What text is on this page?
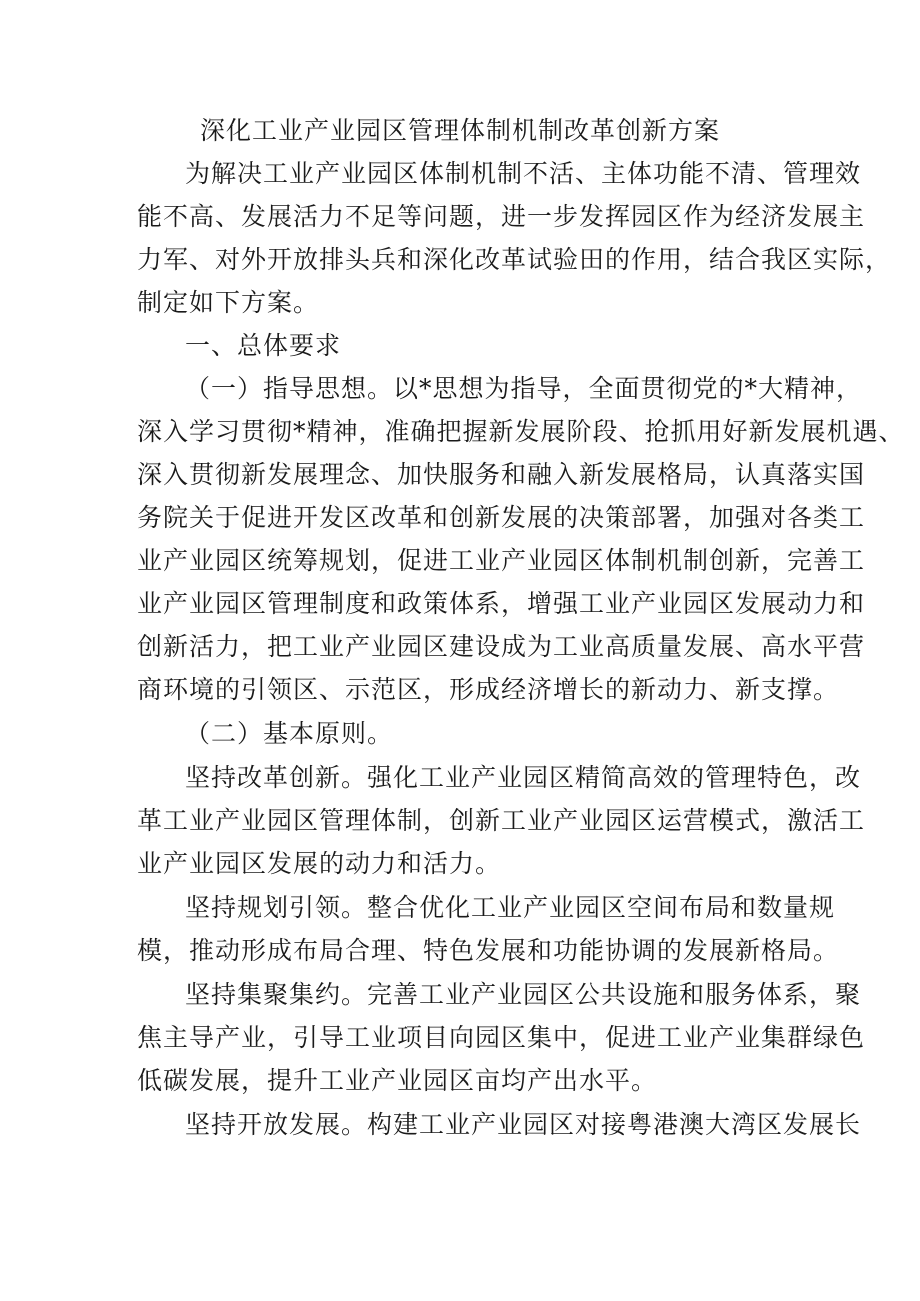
深化工业产业园区管理体制机制改革创新方案
为解决工业产业园区体制机制不活、主体功能不清、管理效
能不高、发展活力不足等问题，进一步发挥园区作为经济发展主
力军、对外开放排头兵和深化改革试验田的作用，结合我区实际，
制定如下方案。
一、总体要求
（一）指导思想。以*思想为指导，全面贯彻党的*大精神，
深入学习贯彻*精神，准确把握新发展阶段、抢抓用好新发展机遇、
深入贯彻新发展理念、加快服务和融入新发展格局，认真落实国
务院关于促进开发区改革和创新发展的决策部署，加强对各类工
业产业园区统筹规划，促进工业产业园区体制机制创新，完善工
业产业园区管理制度和政策体系，增强工业产业园区发展动力和
创新活力，把工业产业园区建设成为工业高质量发展、高水平营
商环境的引领区、示范区，形成经济增长的新动力、新支撑。
（二）基本原则。
坚持改革创新。强化工业产业园区精简高效的管理特色，改
革工业产业园区管理体制，创新工业产业园区运营模式，激活工
业产业园区发展的动力和活力。
坚持规划引领。整合优化工业产业园区空间布局和数量规
模，推动形成布局合理、特色发展和功能协调的发展新格局。
坚持集聚集约。完善工业产业园区公共设施和服务体系，聚
焦主导产业，引导工业项目向园区集中，促进工业产业集群绿色
低碳发展，提升工业产业园区亩均产出水平。
坚持开放发展。构建工业产业园区对接粤港澳大湾区发展长
